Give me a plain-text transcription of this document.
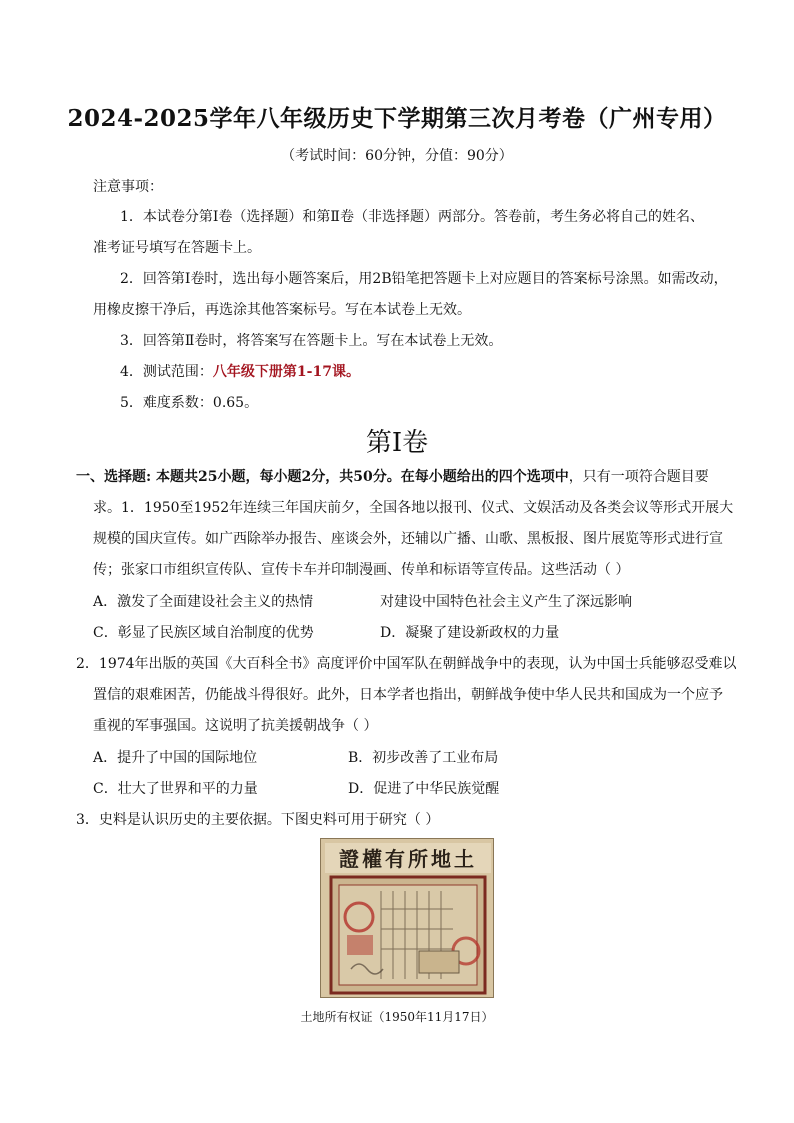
2024-2025学年八年级历史下学期第三次月考卷（广州专用）
（考试时间：60分钟，分值：90分）
注意事项：
1．本试卷分第Ⅰ卷（选择题）和第Ⅱ卷（非选择题）两部分。答卷前，考生务必将自己的姓名、
准考证号填写在答题卡上。
2．回答第Ⅰ卷时，选出每小题答案后，用2B铅笔把答题卡上对应题目的答案标号涂黑。如需改动，
用橡皮擦干净后，再选涂其他答案标号。写在本试卷上无效。
3．回答第Ⅱ卷时，将答案写在答题卡上。写在本试卷上无效。
4．测试范围：八年级下册第1-17课。
5．难度系数：0.65。
第Ⅰ卷
一、选择题: 本题共25小题，每小题2分，共50分。在每小题给出的四个选项中，只有一项符合题目要
求。1．1950至1952年连续三年国庆前夕，全国各地以报刊、仪式、文娱活动及各类会议等形式开展大
规模的国庆宣传。如广西除举办报告、座谈会外，还辅以广播、山歌、黑板报、图片展览等形式进行宣
传；张家口市组织宣传队、宣传卡车并印制漫画、传单和标语等宣传品。这些活动（ ）
A．激发了全面建设社会主义的热情	对建设中国特色社会主义产生了深远影响
C．彰显了民族区域自治制度的优势	D．凝聚了建设新政权的力量
2．1974年出版的英国《大百科全书》高度评价中国军队在朝鲜战争中的表现，认为中国士兵能够忍受难以
置信的艰难困苦，仍能战斗得很好。此外，日本学者也指出，朝鲜战争使中华人民共和国成为一个应予
重视的军事强国。这说明了抗美援朝战争（ ）
A．提升了中国的国际地位	B．初步改善了工业布局
C．壮大了世界和平的力量	D．促进了中华民族觉醒
3．史料是认识历史的主要依据。下图史料可用于研究（ ）
證權有所地土
土地所有权证（1950年11月17日）
